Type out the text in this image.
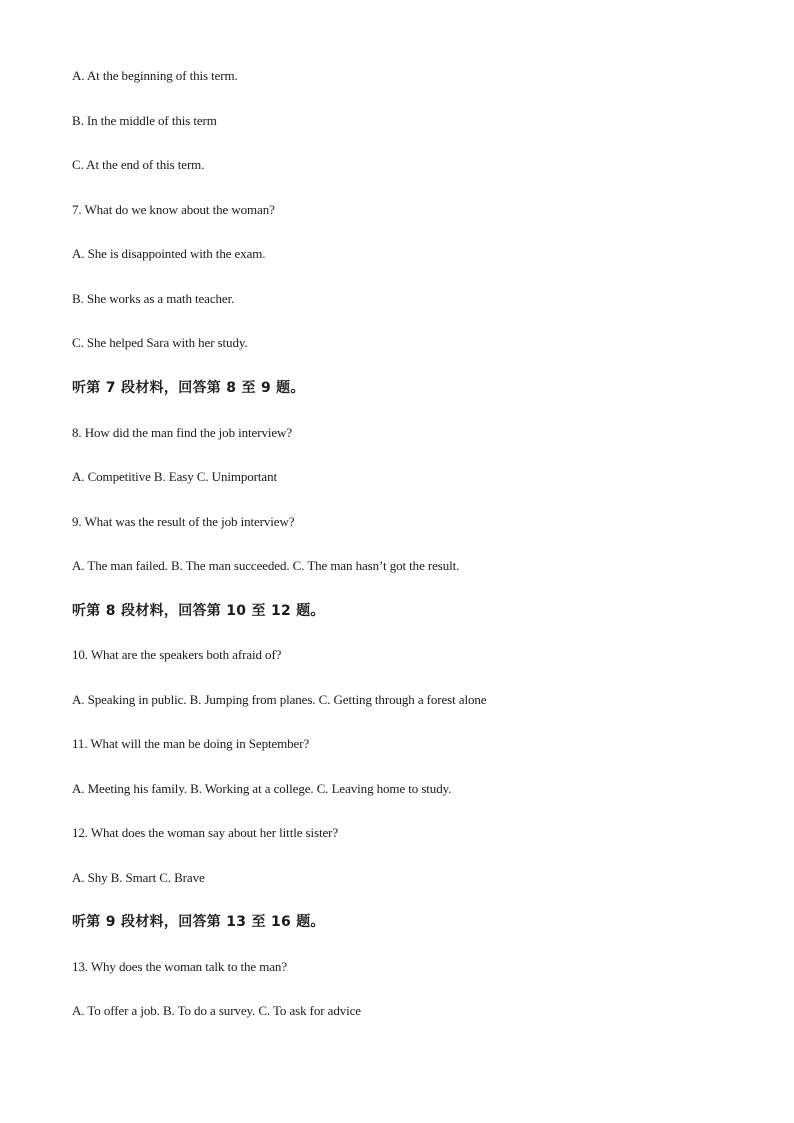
A. At the beginning of this term.
B. In the middle of this term
C. At the end of this term.
7. What do we know about the woman?
A. She is disappointed with the exam.
B. She works as a math teacher.
C. She helped Sara with her study.
听第 7 段材料，回答第 8 至 9 题。
8. How did the man find the job interview?
A. Competitive B. Easy C. Unimportant
9. What was the result of the job interview?
A. The man failed. B. The man succeeded. C. The man hasn’t got the result.
听第 8 段材料，回答第 10 至 12 题。
10. What are the speakers both afraid of?
A. Speaking in public. B. Jumping from planes. C. Getting through a forest alone
11. What will the man be doing in September?
A. Meeting his family. B. Working at a college. C. Leaving home to study.
12. What does the woman say about her little sister?
A. Shy B. Smart C. Brave
听第 9 段材料，回答第 13 至 16 题。
13. Why does the woman talk to the man?
A. To offer a job. B. To do a survey. C. To ask for advice
